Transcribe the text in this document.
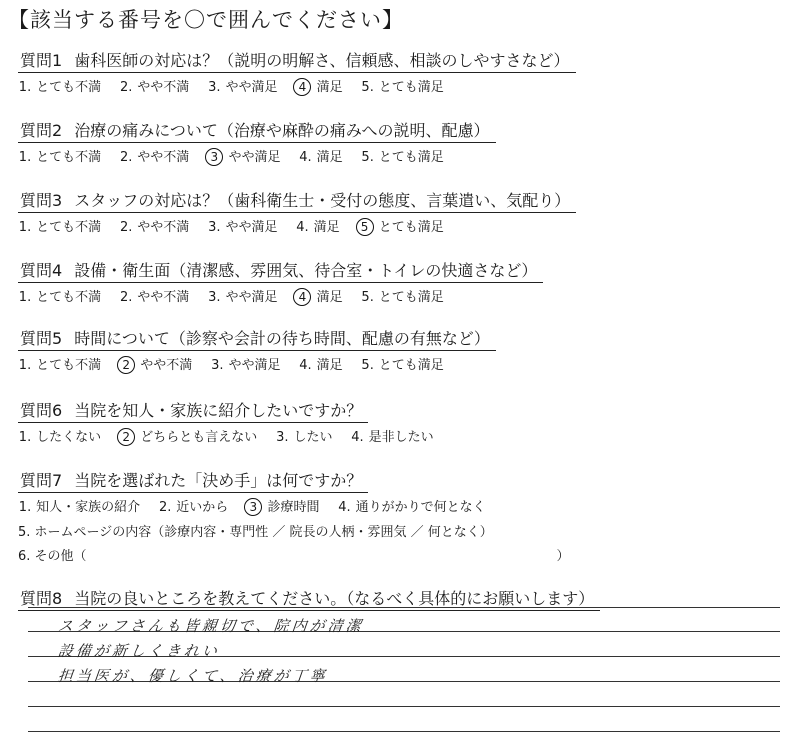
【該当する番号を〇で囲んでください】
質問1 歯科医師の対応は？（説明の明解さ、信頼感、相談のしやすさなど）
1. とても不満 2. やや不満 3. やや満足 4 満足 5. とても満足
質問2 治療の痛みについて（治療や麻酔の痛みへの説明、配慮）
1. とても不満 2. やや不満 3 やや満足 4. 満足 5. とても満足
質問3 スタッフの対応は？（歯科衛生士・受付の態度、言葉遣い、気配り）
1. とても不満 2. やや不満 3. やや満足 4. 満足 5 とても満足
質問4 設備・衛生面（清潔感、雰囲気、待合室・トイレの快適さなど）
1. とても不満 2. やや不満 3. やや満足 4 満足 5. とても満足
質問5 時間について（診察や会計の待ち時間、配慮の有無など）
1. とても不満 2 やや不満 3. やや満足 4. 満足 5. とても満足
質問6 当院を知人・家族に紹介したいですか？
1. したくない 2 どちらとも言えない 3. したい 4. 是非したい
質問7 当院を選ばれた「決め手」は何ですか？
1. 知人・家族の紹介 2. 近いから 3 診療時間 4. 通りがかりで何となく
5. ホームページの内容（診療内容・専門性 ／ 院長の人柄・雰囲気 ／ 何となく）
6. その他（	）
質問8 当院の良いところを教えてください。（なるべく具体的にお願いします）
スタッフさんも皆親切で、院内が清潔
設備が新しくきれい
担当医が、優しくて、治療が丁寧
